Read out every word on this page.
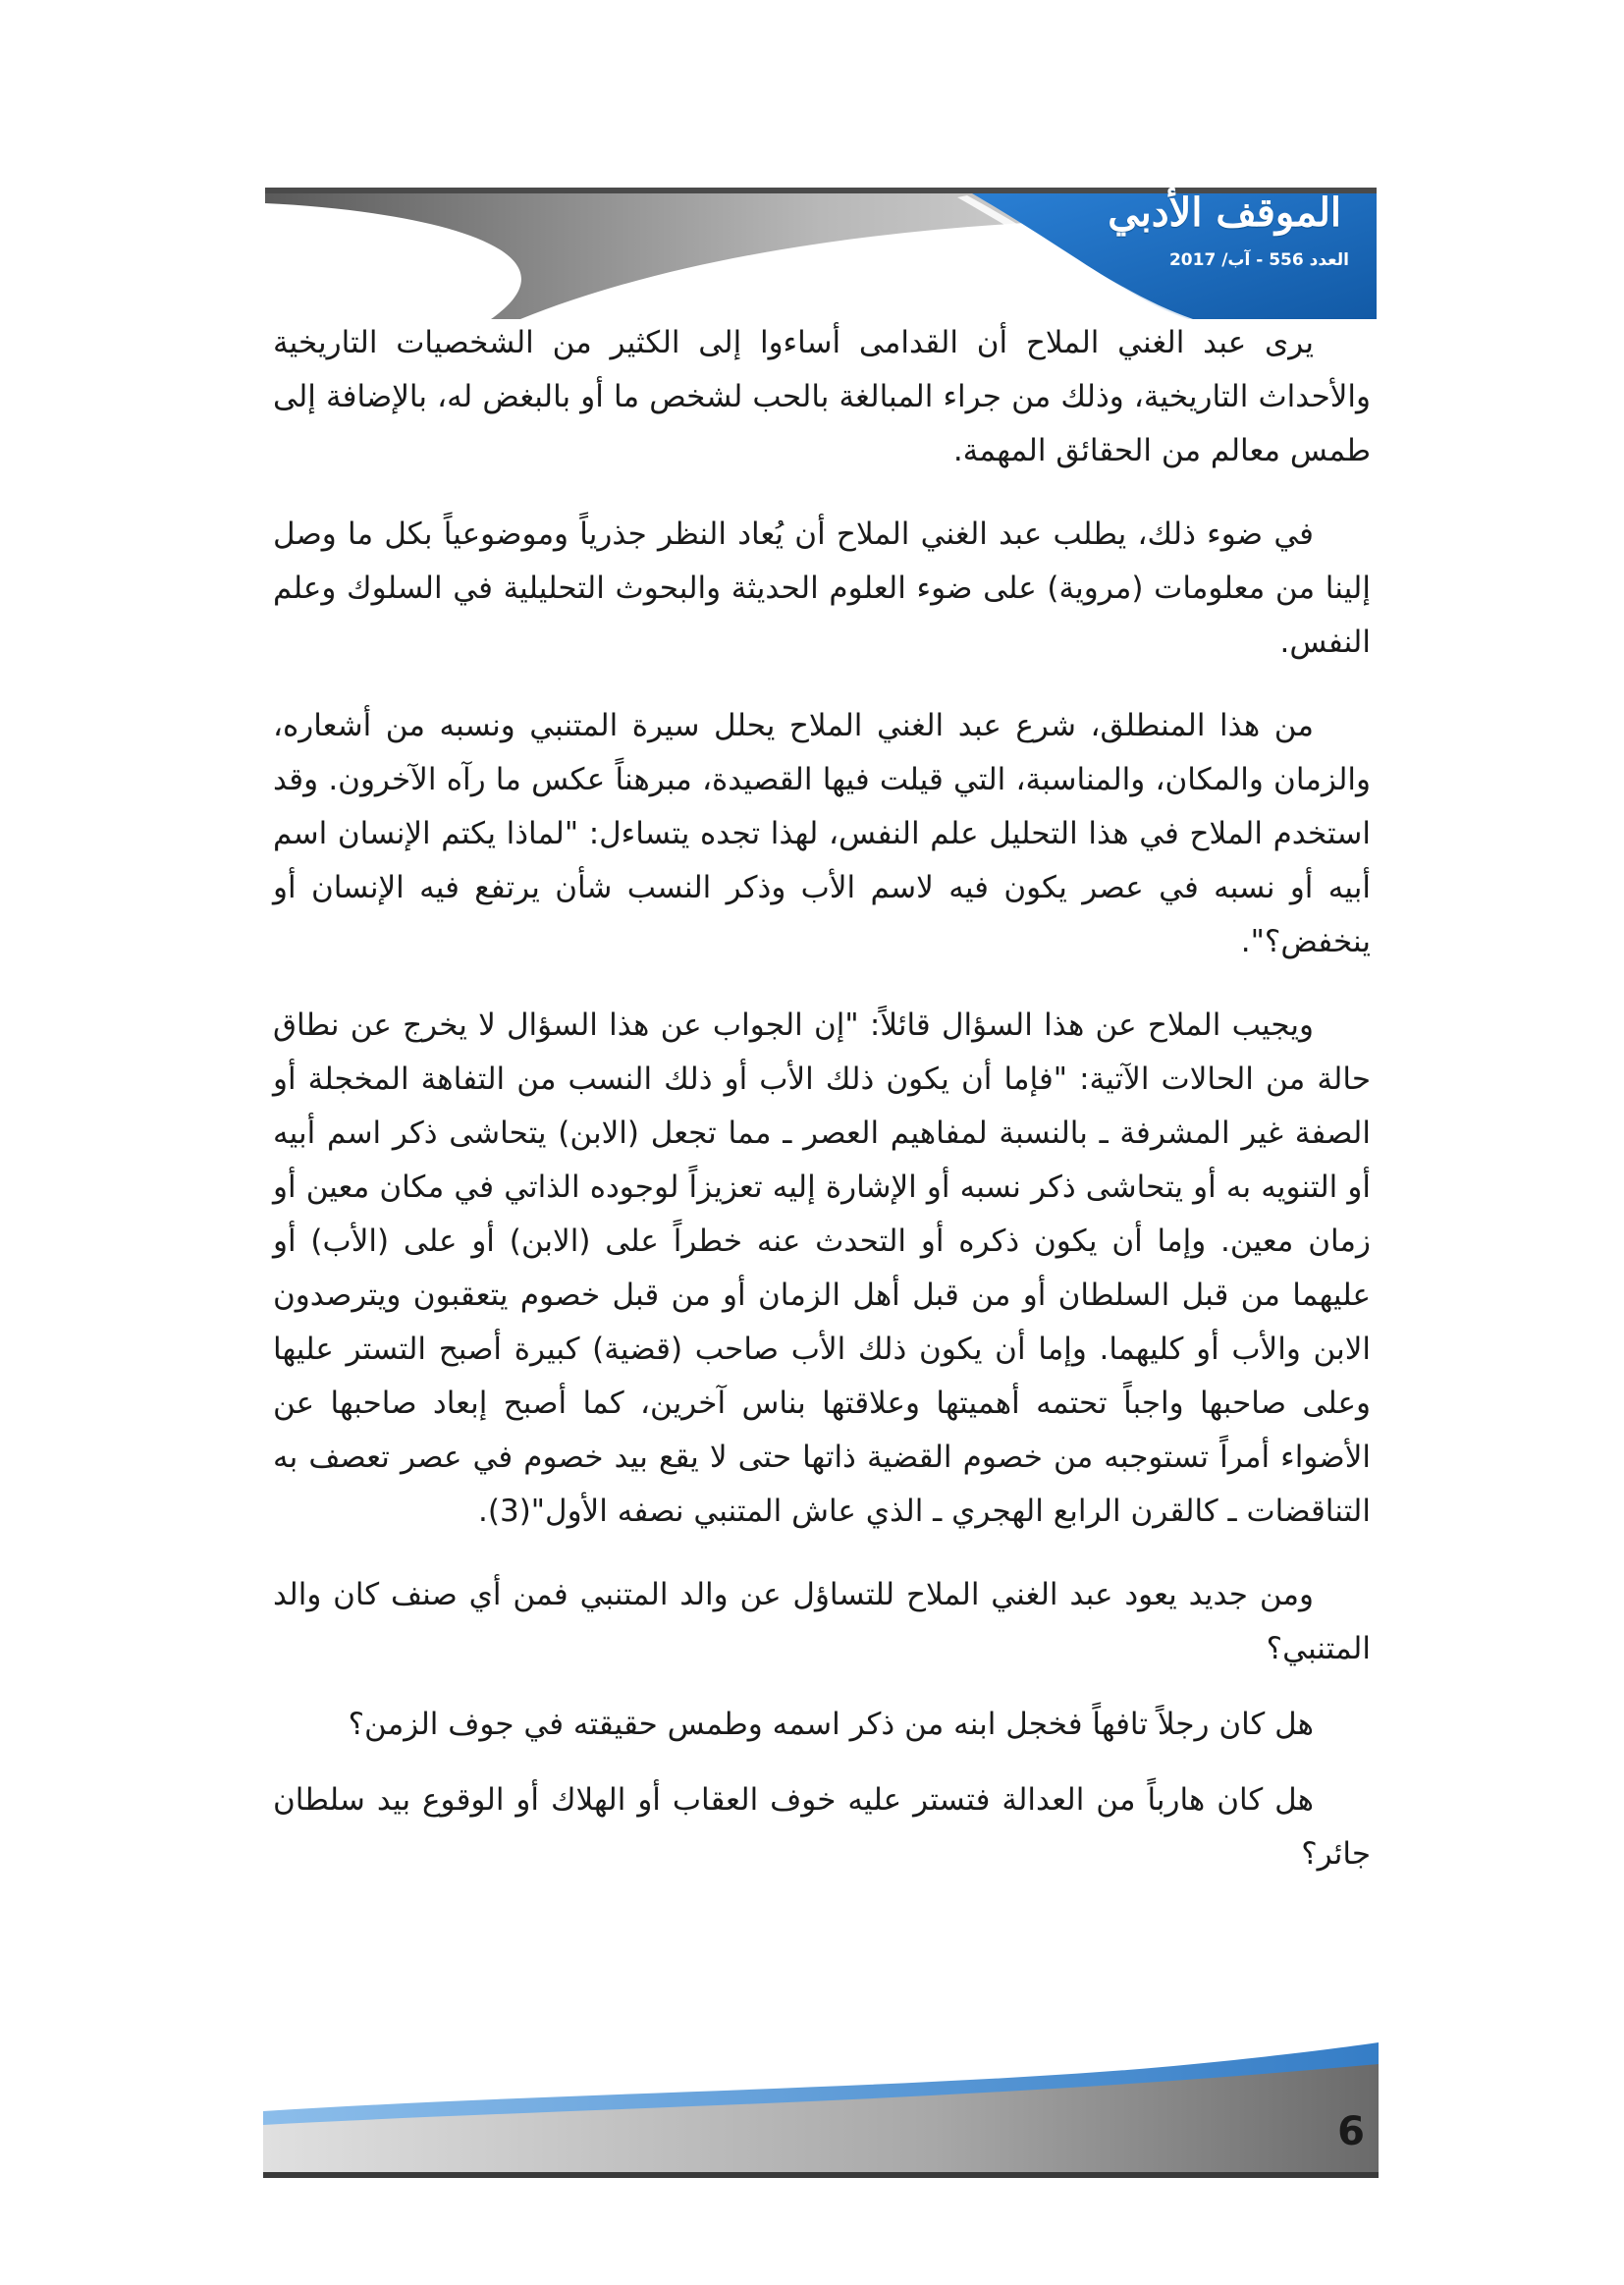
الموقف الأدبي
العدد 556 - آب/ 2017

يرى عبد الغني الملاح أن القدامى أساءوا إلى الكثير من الشخصيات التاريخية والأحداث التاريخية، وذلك من جراء المبالغة بالحب لشخص ما أو بالبغض له، بالإضافة إلى طمس معالم من الحقائق المهمة.

في ضوء ذلك، يطلب عبد الغني الملاح أن يُعاد النظر جذرياً وموضوعياً بكل ما وصل إلينا من معلومات (مروية) على ضوء العلوم الحديثة والبحوث التحليلية في السلوك وعلم النفس.

من هذا المنطلق، شرع عبد الغني الملاح يحلل سيرة المتنبي ونسبه من أشعاره، والزمان والمكان، والمناسبة، التي قيلت فيها القصيدة، مبرهناً عكس ما رآه الآخرون. وقد استخدم الملاح في هذا التحليل علم النفس، لهذا تجده يتساءل: "لماذا يكتم الإنسان اسم أبيه أو نسبه في عصر يكون فيه لاسم الأب وذكر النسب شأن يرتفع فيه الإنسان أو ينخفض؟".

ويجيب الملاح عن هذا السؤال قائلاً: "إن الجواب عن هذا السؤال لا يخرج عن نطاق حالة من الحالات الآتية: "فإما أن يكون ذلك الأب أو ذلك النسب من التفاهة المخجلة أو الصفة غير المشرفة ـ بالنسبة لمفاهيم العصر ـ مما تجعل (الابن) يتحاشى ذكر اسم أبيه أو التنويه به أو يتحاشى ذكر نسبه أو الإشارة إليه تعزيزاً لوجوده الذاتي في مكان معين أو زمان معين. وإما أن يكون ذكره أو التحدث عنه خطراً على (الابن) أو على (الأب) أو عليهما من قبل السلطان أو من قبل أهل الزمان أو من قبل خصوم يتعقبون ويترصدون الابن والأب أو كليهما. وإما أن يكون ذلك الأب صاحب (قضية) كبيرة أصبح التستر عليها وعلى صاحبها واجباً تحتمه أهميتها وعلاقتها بناس آخرين، كما أصبح إبعاد صاحبها عن الأضواء أمراً تستوجبه من خصوم القضية ذاتها حتى لا يقع بيد خصوم في عصر تعصف به التناقضات ـ كالقرن الرابع الهجري ـ الذي عاش المتنبي نصفه الأول"(3).

ومن جديد يعود عبد الغني الملاح للتساؤل عن والد المتنبي فمن أي صنف كان والد المتنبي؟

هل كان رجلاً تافهاً فخجل ابنه من ذكر اسمه وطمس حقيقته في جوف الزمن؟

هل كان هارباً من العدالة فتستر عليه خوف العقاب أو الهلاك أو الوقوع بيد سلطان جائر؟

6
